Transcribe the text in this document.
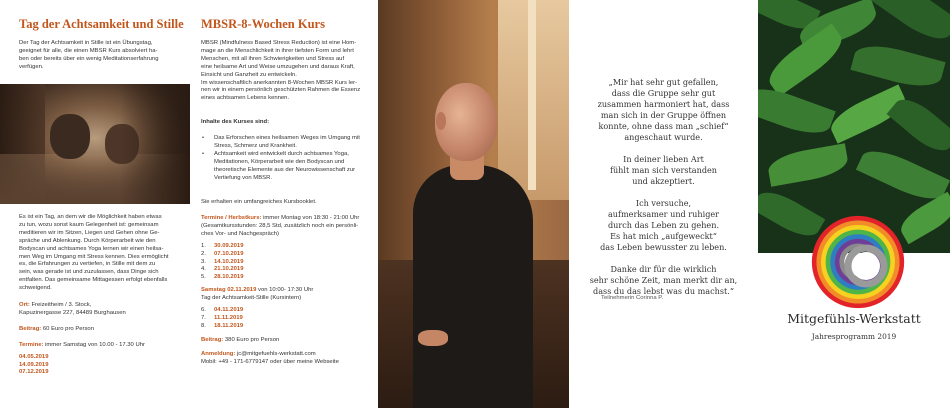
Tag der Achtsamkeit und Stille
Der Tag der Achtsamkeit in Stille ist ein Übungstag,
geeignet für alle, die einen MBSR Kurs absolviert ha-
ben oder bereits über ein wenig Meditationserfahrung
verfügen.
Es ist ein Tag, an dem wir die Möglichkeit haben etwas
zu tun, wozu sonst kaum Gelegenheit ist: gemeinsam
meditieren wir im Sitzen, Liegen und Gehen ohne Ge-
spräche und Ablenkung. Durch Körperarbeit wie den
Bodyscan und achtsames Yoga lernen wir einen heilsa-
men Weg im Umgang mit Stress kennen. Dies ermöglicht
es, die Erfahrungen zu vertiefen, in Stille mit dem zu
sein, was gerade ist und zuzulassen, dass Dinge sich
entfalten. Das gemeinsame Mittagessen erfolgt ebenfalls
schweigend.
Ort: Freizeitheim / 3. Stock,
Kapuzinergasse 227, 84489 Burghausen
Beitrag: 60 Euro pro Person
Termine: immer Samstag von 10.00 - 17.30 Uhr
04.05.2019
14.09.2019
07.12.2019
MBSR-8-Wochen Kurs
MBSR (Mindfulness Based Stress Reduction) ist eine Hom-
mage an die Menschlichkeit in ihrer tiefsten Form und lehrt
Menschen, mit all ihren Schwierigkeiten und Stress auf
eine heilsame Art und Weise umzugehen und daraus Kraft,
Einsicht und Ganzheit zu entwickeln.
Im wissenschaftlich anerkannten 8-Wochen MBSR Kurs ler-
nen wir in einem persönlich geschützten Rahmen die Essenz
eines achtsamen Lebens kennen.
Inhalte des Kurses sind:
• Das Erforschen eines heilsamen Weges im Umgang mit
Stress, Schmerz und Krankheit.
• Achtsamkeit wird entwickelt durch achtsames Yoga,
Meditationen, Körperarbeit wie den Bodyscan und
theoretische Elemente aus der Neurowissenschaft zur
Vertiefung von MBSR.
Sie erhalten ein umfangreiches Kursbooklet.
Termine / Herbstkurs: immer Montag von 18:30 - 21:00 Uhr
(Gesamtkursstunden: 28,5 Std, zusätzlich noch ein persönli-
ches Vor- und Nachgespräch)
1.	30.09.2019
2.	07.10.2019
3.	14.10.2019
4.	21.10.2019
5.	28.10.2019
Samstag 02.11.2019 von 10:00- 17:30 Uhr
Tag der Achtsamkeit-Stille (Kursintern)
6.	04.11.2019
7.	11.11.2019
8.	18.11.2019
Beitrag: 380 Euro pro Person
Anmeldung: jc@mitgefuehls-werkstatt.com
Mobil: +49 - 171-6779147 oder über meine Webseite

„Mir hat sehr gut gefallen,
dass die Gruppe sehr gut
zusammen harmoniert hat, dass
man sich in der Gruppe öffnen
konnte, ohne dass man „schief“
angeschaut wurde.

In deiner lieben Art
fühlt man sich verstanden
und akzeptiert.

Ich versuche,
aufmerksamer und ruhiger
durch das Leben zu gehen.
Es hat mich „aufgeweckt“
das Leben bewusster zu leben.

Danke dir für die wirklich
sehr schöne Zeit, man merkt dir an,
dass du das lebst was du machst.“

Teilnehmerin Corinna P.
Mitgefühls-Werkstatt
Jahresprogramm 2019
